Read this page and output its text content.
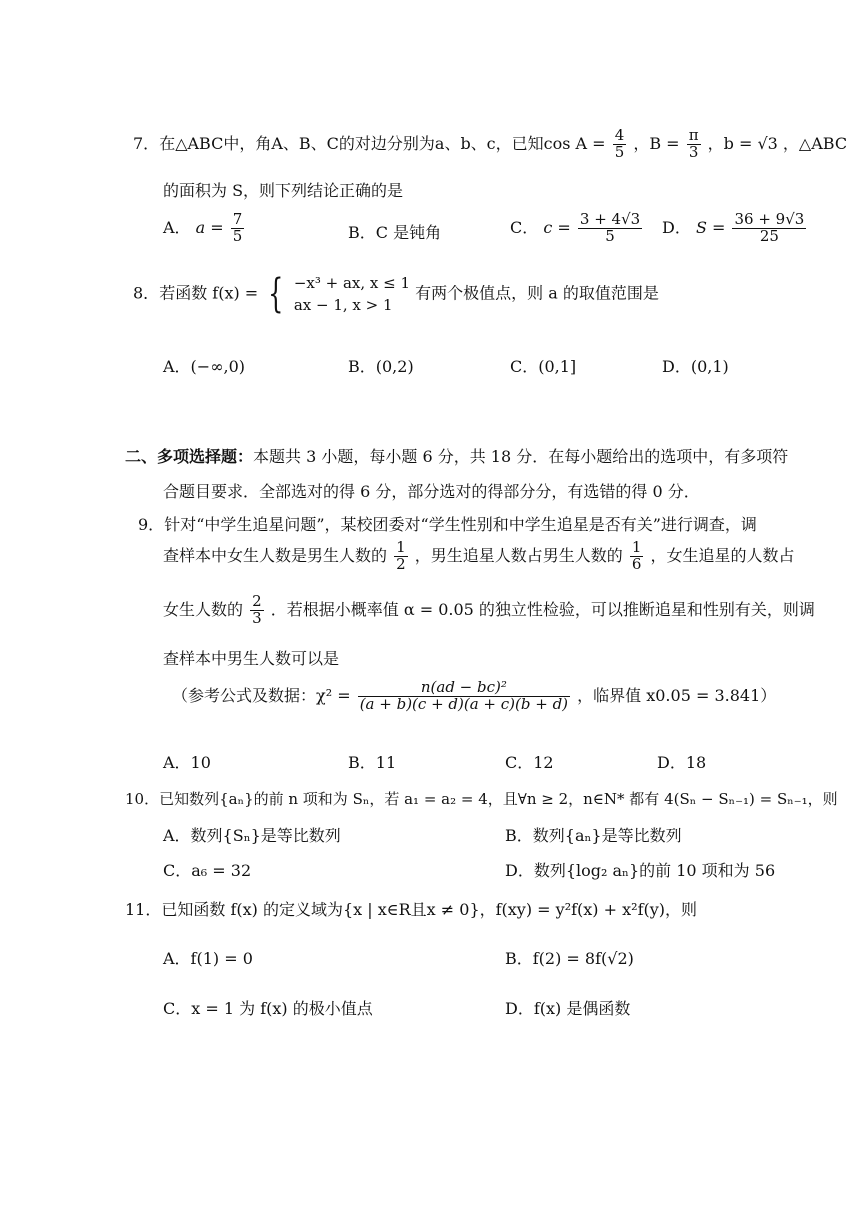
7．在△ABC中，角A、B、C的对边分别为a、b、c，已知$\cos A = \frac{4}{5}$ ，$B = \frac{\pi}{3}$ ，b = √3 ，△ABC
的面积为 S，则下列结论正确的是
A． $a = \frac{7}{5}$	B．C 是钝角	C． $c = \frac{3 + 4√3}{5}$ D． $S = \frac{36 + 9√3}{25}$
8．若函数 f(x) = { −x³ + ax, x ≤ 1
ax − 1, x > 1
有两个极值点，则 a 的取值范围是
A．(−∞,0)	B．(0,2)	C．(0,1]	D．(0,1)
二、多项选择题：本题共 3 小题，每小题 6 分，共 18 分．在每小题给出的选项中，有多项符
合题目要求．全部选对的得 6 分，部分选对的得部分分，有选错的得 0 分．
9．针对“中学生追星问题”，某校团委对“学生性别和中学生追星是否有关”进行调查，调
查样本中女生人数是男生人数的 $\frac{1}{2}$ ，男生追星人数占男生人数的 $\frac{1}{6}$ ，女生追星的人数占
女生人数的 $\frac{2}{3}$ ．若根据小概率值 α = 0.05 的独立性检验，可以推断追星和性别有关，则调
查样本中男生人数可以是
（参考公式及数据：$\chi^2 = \frac{\text{n(ad − bc)²}}{(a + b)(c + d)(a + c)(b + d)}$ ，临界值 x0.05 = 3.841）
A．10	B．11	C．12	D．18
10．已知数列{aₙ}的前 n 项和为 Sₙ，若 a₁ = a₂ = 4，且∀n ≥ 2，n∈N* 都有 4(Sₙ − Sₙ₋₁) = Sₙ₋₁，则
A．数列{Sₙ}是等比数列	B．数列{aₙ}是等比数列
C．a₆ = 32	D．数列{log₂ aₙ}的前 10 项和为 56
11．已知函数 f(x) 的定义域为{x | x∈R且x ≠ 0}，f(xy) = y²f(x) + x²f(y)，则
A．f(1) = 0	B．f(2) = 8f(√2)
C．x = 1 为 f(x) 的极小值点	D．f(x) 是偶函数
